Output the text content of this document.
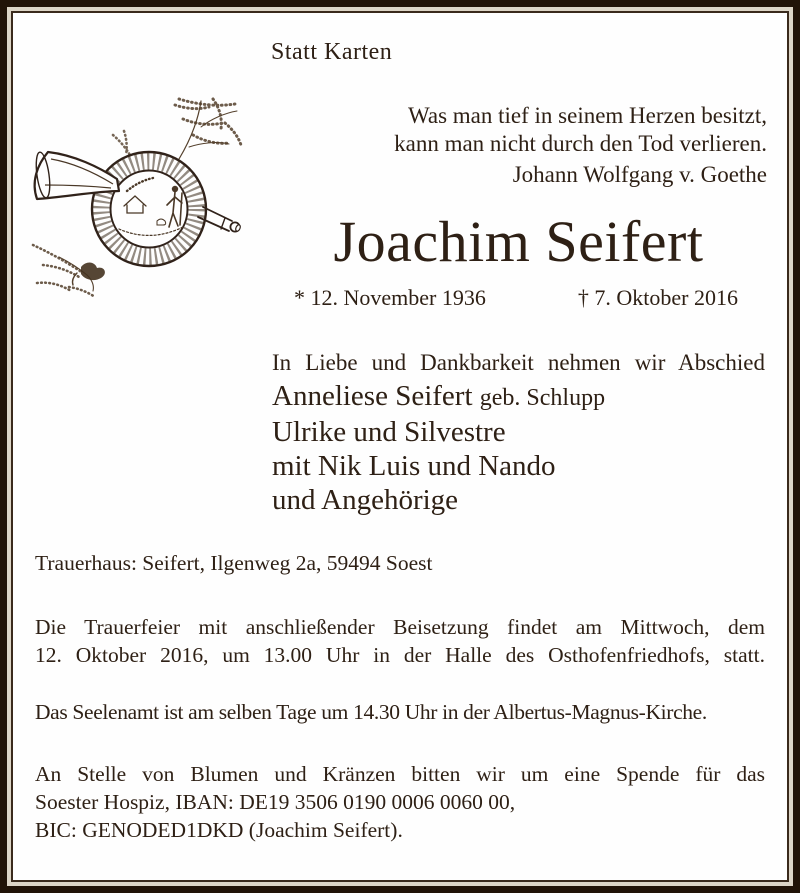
Statt Karten
Was man tief in seinem Herzen besitzt,
kann man nicht durch den Tod verlieren.
Johann Wolfgang v. Goethe
Joachim Seifert
* 12. November 1936	† 7. Oktober 2016
In Liebe und Dankbarkeit nehmen wir Abschied
Anneliese Seifert geb. Schlupp
Ulrike und Silvestre
mit Nik Luis und Nando
und Angehörige
Trauerhaus: Seifert, Ilgenweg 2a, 59494 Soest
Die Trauerfeier mit anschließender Beisetzung findet am Mittwoch, dem
12. Oktober 2016, um 13.00 Uhr in der Halle des Osthofenfriedhofs, statt.
Das Seelenamt ist am selben Tage um 14.30 Uhr in der Albertus-Magnus-Kirche.
An Stelle von Blumen und Kränzen bitten wir um eine Spende für das
Soester Hospiz, IBAN: DE19 3506 0190 0006 0060 00,
BIC: GENODED1DKD (Joachim Seifert).
